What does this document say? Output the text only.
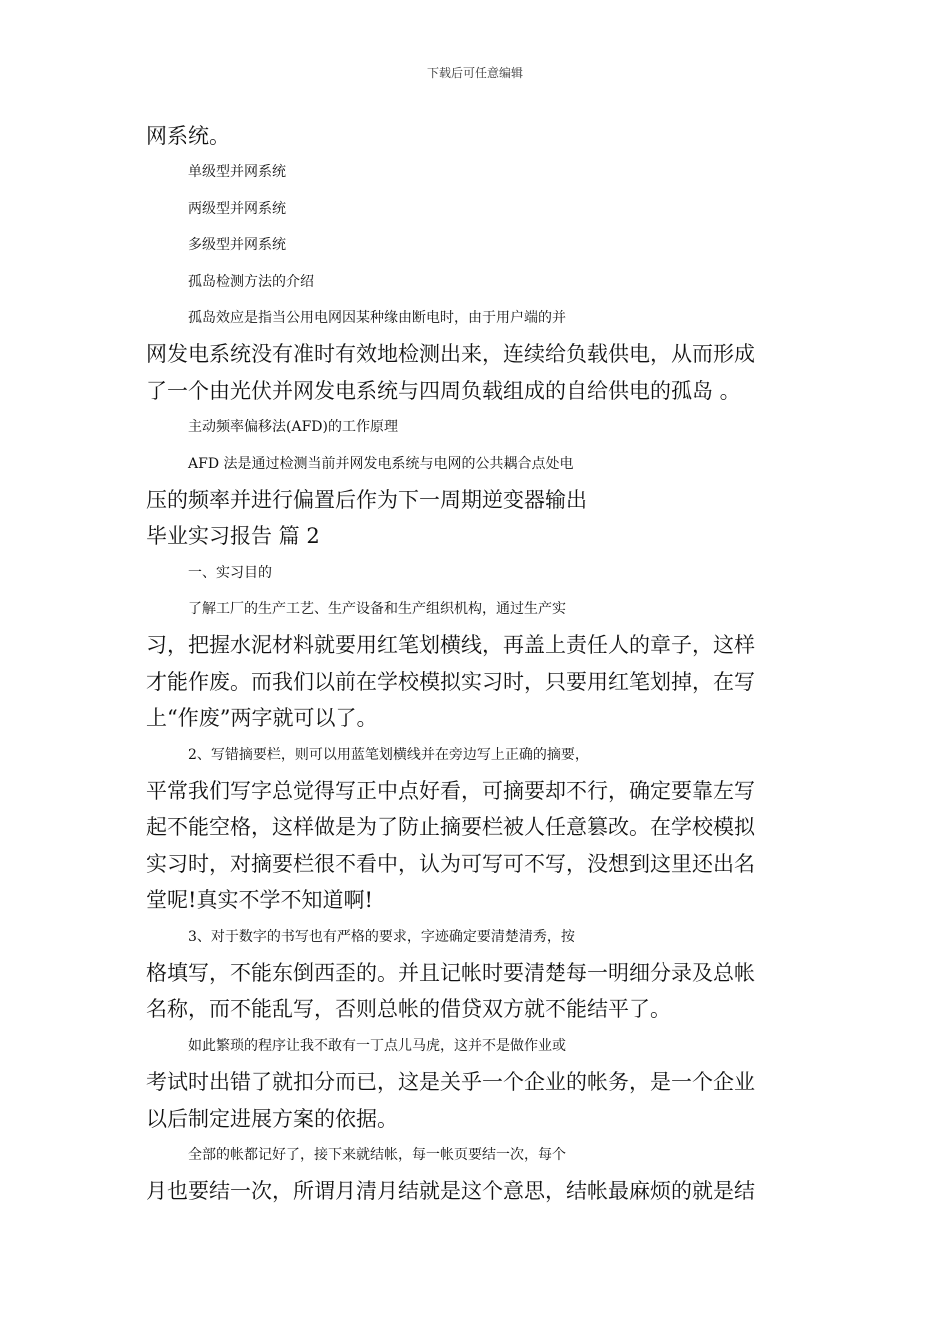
下载后可任意编辑
网系统。
单级型并网系统
两级型并网系统
多级型并网系统
孤岛检测方法的介绍
孤岛效应是指当公用电网因某种缘由断电时，由于用户端的并
网发电系统没有准时有效地检测出来，连续给负载供电，从而形成
了一个由光伏并网发电系统与四周负载组成的自给供电的孤岛 。
主动频率偏移法(AFD)的工作原理
AFD 法是通过检测当前并网发电系统与电网的公共耦合点处电
压的频率并进行偏置后作为下一周期逆变器输出
毕业实习报告 篇 2
一、实习目的
了解工厂的生产工艺、生产设备和生产组织机构，通过生产实
习，把握水泥材料就要用红笔划横线，再盖上责任人的章子，这样
才能作废。而我们以前在学校模拟实习时，只要用红笔划掉，在写
上“作废”两字就可以了。
2、写错摘要栏，则可以用蓝笔划横线并在旁边写上正确的摘要，
平常我们写字总觉得写正中点好看，可摘要却不行，确定要靠左写
起不能空格，这样做是为了防止摘要栏被人任意篡改。在学校模拟
实习时，对摘要栏很不看中，认为可写可不写，没想到这里还出名
堂呢!真实不学不知道啊!
3、对于数字的书写也有严格的要求，字迹确定要清楚清秀，按
格填写，不能东倒西歪的。并且记帐时要清楚每一明细分录及总帐
名称，而不能乱写，否则总帐的借贷双方就不能结平了。
如此繁琐的程序让我不敢有一丁点儿马虎，这并不是做作业或
考试时出错了就扣分而已，这是关乎一个企业的帐务，是一个企业
以后制定进展方案的依据。
全部的帐都记好了，接下来就结帐，每一帐页要结一次，每个
月也要结一次，所谓月清月结就是这个意思，结帐最麻烦的就是结
